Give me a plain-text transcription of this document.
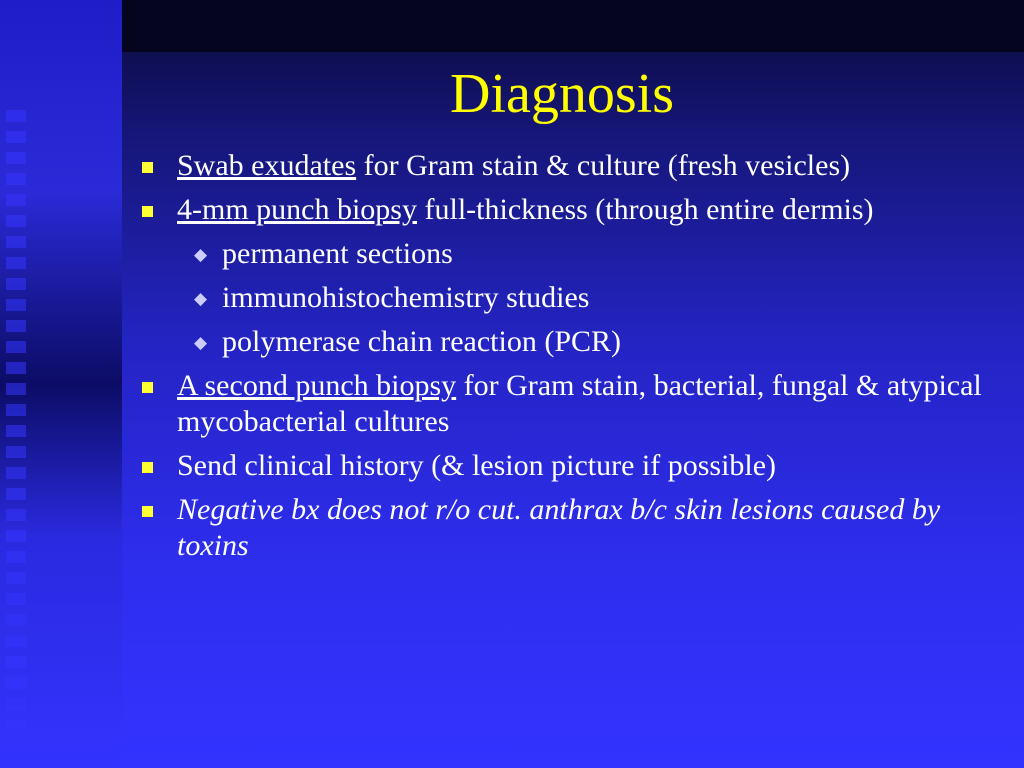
Diagnosis
Swab exudates for Gram stain & culture (fresh vesicles)
4-mm punch biopsy full-thickness (through entire dermis)
◆ permanent sections
◆ immunohistochemistry studies
◆ polymerase chain reaction (PCR)
A second punch biopsy for Gram stain, bacterial, fungal & atypical mycobacterial cultures
Send clinical history (& lesion picture if possible)
Negative bx does not r/o cut. anthrax b/c skin lesions caused by toxins
